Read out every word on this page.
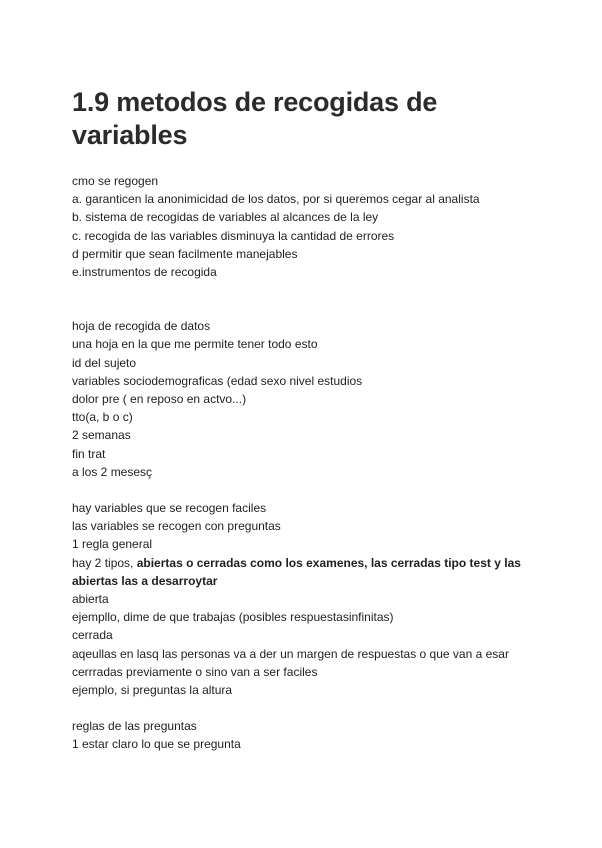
1.9 metodos de recogidas de variables
cmo se regogen
a. garanticen la anonimicidad de los datos, por si queremos cegar al analista
b. sistema de recogidas de variables al alcances de la ley
c. recogida de las variables disminuya la cantidad de errores
d permitir que sean facilmente manejables
e.instrumentos de recogida
hoja de recogida de datos
una hoja en la que me permite tener todo esto
id del sujeto
variables sociodemograficas (edad sexo nivel estudios
dolor pre ( en reposo en actvo...)
tto(a, b o c)
2 semanas
fin trat
a los 2 mesesç
hay variables que se recogen faciles
las variables se recogen con preguntas
1 regla general
hay 2 tipos, abiertas o cerradas como los examenes, las cerradas tipo test y las abiertas las a desarroytar
abierta
ejempllo, dime de que trabajas (posibles respuestasinfinitas)
cerrada
aqeullas en lasq las personas va a der un margen de respuestas o que van a esar cerrradas previamente o sino van a ser faciles
ejemplo, si preguntas la altura
reglas de las preguntas
1 estar claro lo que se pregunta
